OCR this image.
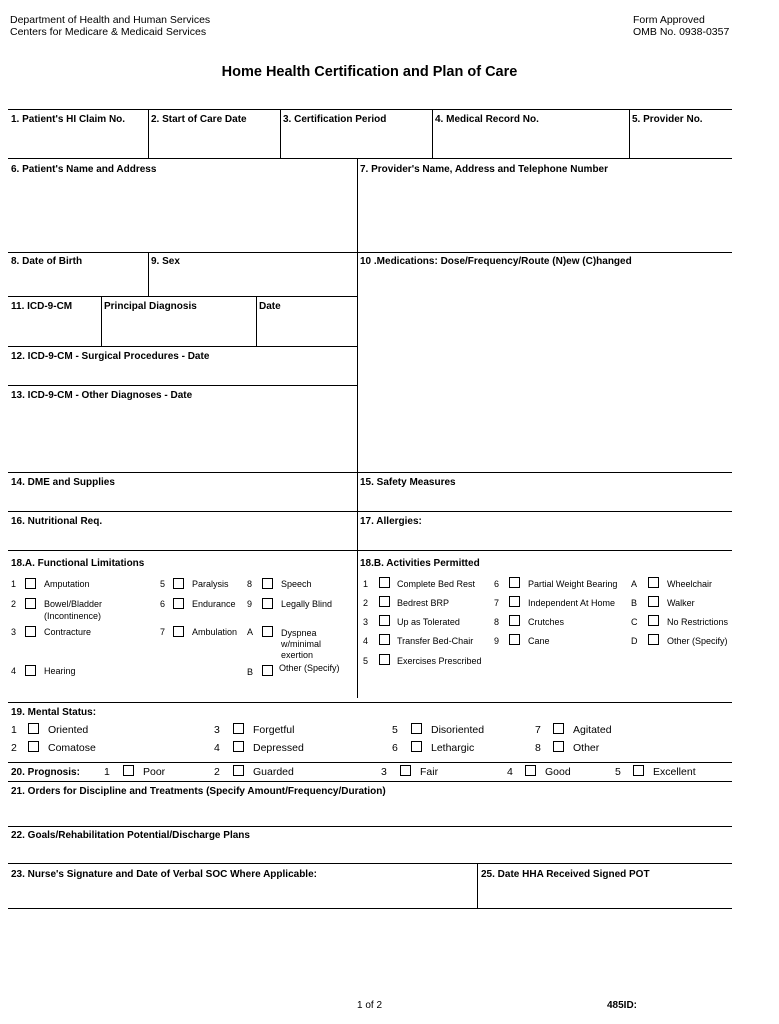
Department of Health and Human Services
Centers for Medicare & Medicaid Services
Form Approved
OMB No. 0938-0357
Home Health Certification and Plan of Care
1. Patient's HI Claim No.	2. Start of Care Date	3. Certification Period	4. Medical Record No.	5. Provider No.
6. Patient's Name and Address	7. Provider's Name, Address and Telephone Number
8. Date of Birth	9. Sex	10 .Medications: Dose/Frequency/Route (N)ew (C)hanged
11. ICD-9-CM	Principal Diagnosis	Date
12. ICD-9-CM - Surgical Procedures - Date
13. ICD-9-CM - Other Diagnoses - Date
14. DME and Supplies	15. Safety Measures
16. Nutritional Req.	17. Allergies:
18.A. Functional Limitations
1	Amputation
2	Bowel/Bladder
(Incontinence)
3	Contracture
4	Hearing
5	Paralysis
6	Endurance
7	Ambulation
8	Speech
9	Legally Blind
A	Dyspnea
w/minimal
exertion
B	Other (Specify)
18.B. Activities Permitted
1	Complete Bed Rest
2	Bedrest BRP
3	Up as Tolerated
4	Transfer Bed-Chair
5	Exercises Prescribed
6	Partial Weight Bearing
7	Independent At Home
8	Crutches
9	Cane
A	Wheelchair
B	Walker
C	No Restrictions
D	Other (Specify)
19. Mental Status:
1	Oriented
2	Comatose
3	Forgetful
4	Depressed
5	Disoriented
6	Lethargic
7	Agitated
8	Other
20. Prognosis: 1	Poor	2	Guarded	3	Fair	4	Good	5	Excellent
21. Orders for Discipline and Treatments (Specify Amount/Frequency/Duration)
22. Goals/Rehabilitation Potential/Discharge Plans
23. Nurse's Signature and Date of Verbal SOC Where Applicable:	25. Date HHA Received Signed POT
1 of 2	485ID:
